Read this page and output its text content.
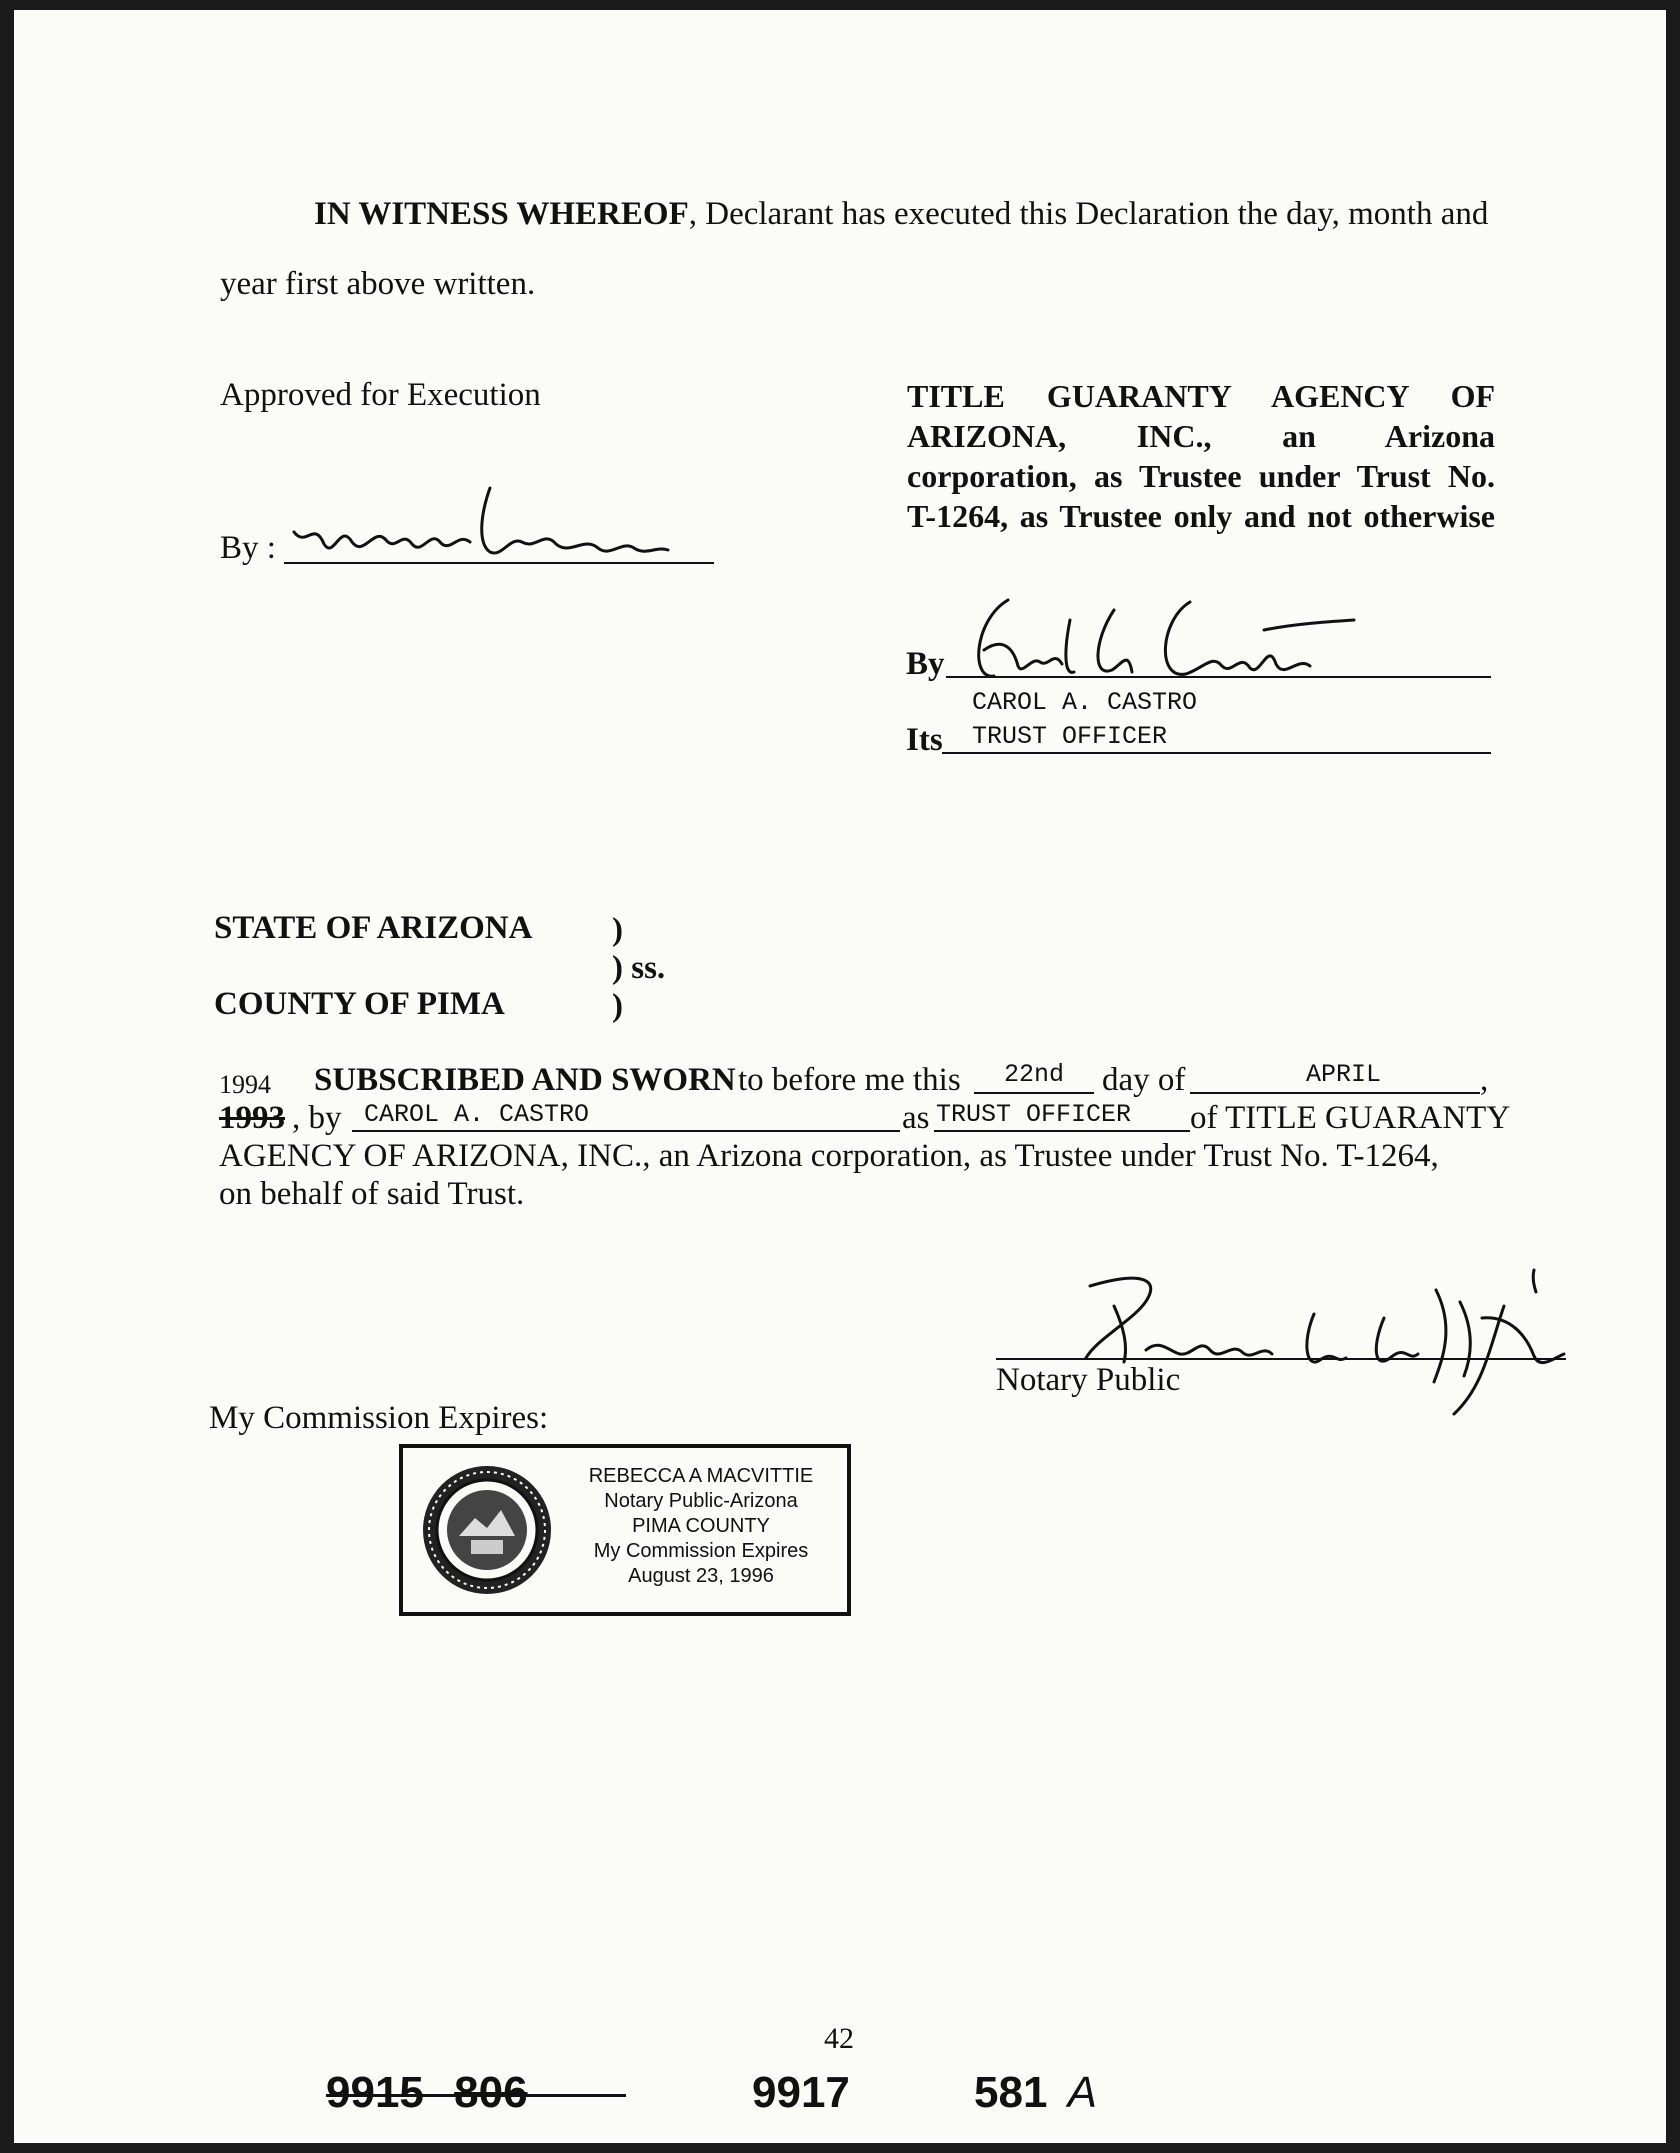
IN WITNESS WHEREOF, Declarant has executed this Declaration the day, month and
year first above written.
Approved for Execution
By :
TITLE GUARANTY AGENCY OF
ARIZONA, INC., an Arizona
corporation, as Trustee under Trust No.
T-1264, as Trustee only and not otherwise
By
CAROL A. CASTRO
Its TRUST OFFICER
STATE OF ARIZONA )
) ss.
COUNTY OF PIMA	)
1994 SUBSCRIBED AND SWORN to before me this 22nd day of	APRIL	,
1993 , by CAROL A. CASTRO	as TRUST OFFICER of TITLE GUARANTY
AGENCY OF ARIZONA, INC., an Arizona corporation, as Trustee under Trust No. T-1264,
on behalf of said Trust.
Notary Public
My Commission Expires:
REBECCA A MACVITTIE
Notary Public-Arizona
PIMA COUNTY
My Commission Expires
August 23, 1996
42
9915 806	9917	581 A
